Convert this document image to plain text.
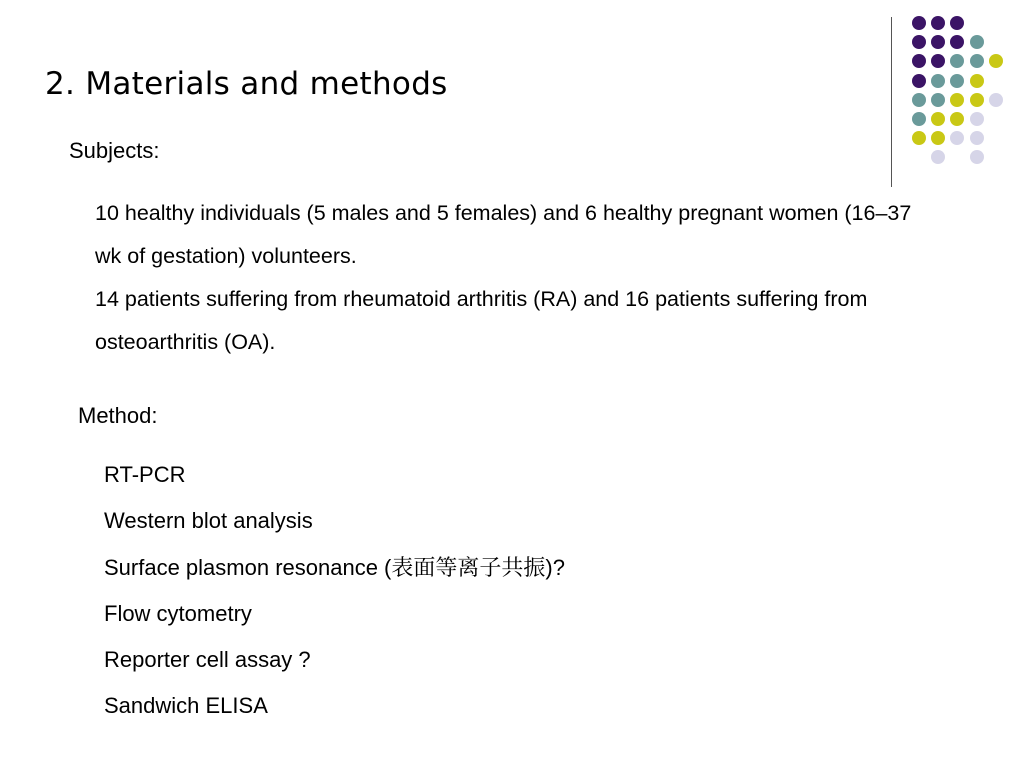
2. Materials and methods
Subjects:

10 healthy individuals (5 males and 5 females) and 6 healthy pregnant women (16–37 wk of gestation) volunteers.

14 patients suffering from rheumatoid arthritis (RA) and 16 patients suffering from osteoarthritis (OA).

Method:
RT-PCR
Western blot analysis
Surface plasmon resonance (表面等离子共振)?
Flow cytometry
Reporter cell assay ?
Sandwich ELISA
